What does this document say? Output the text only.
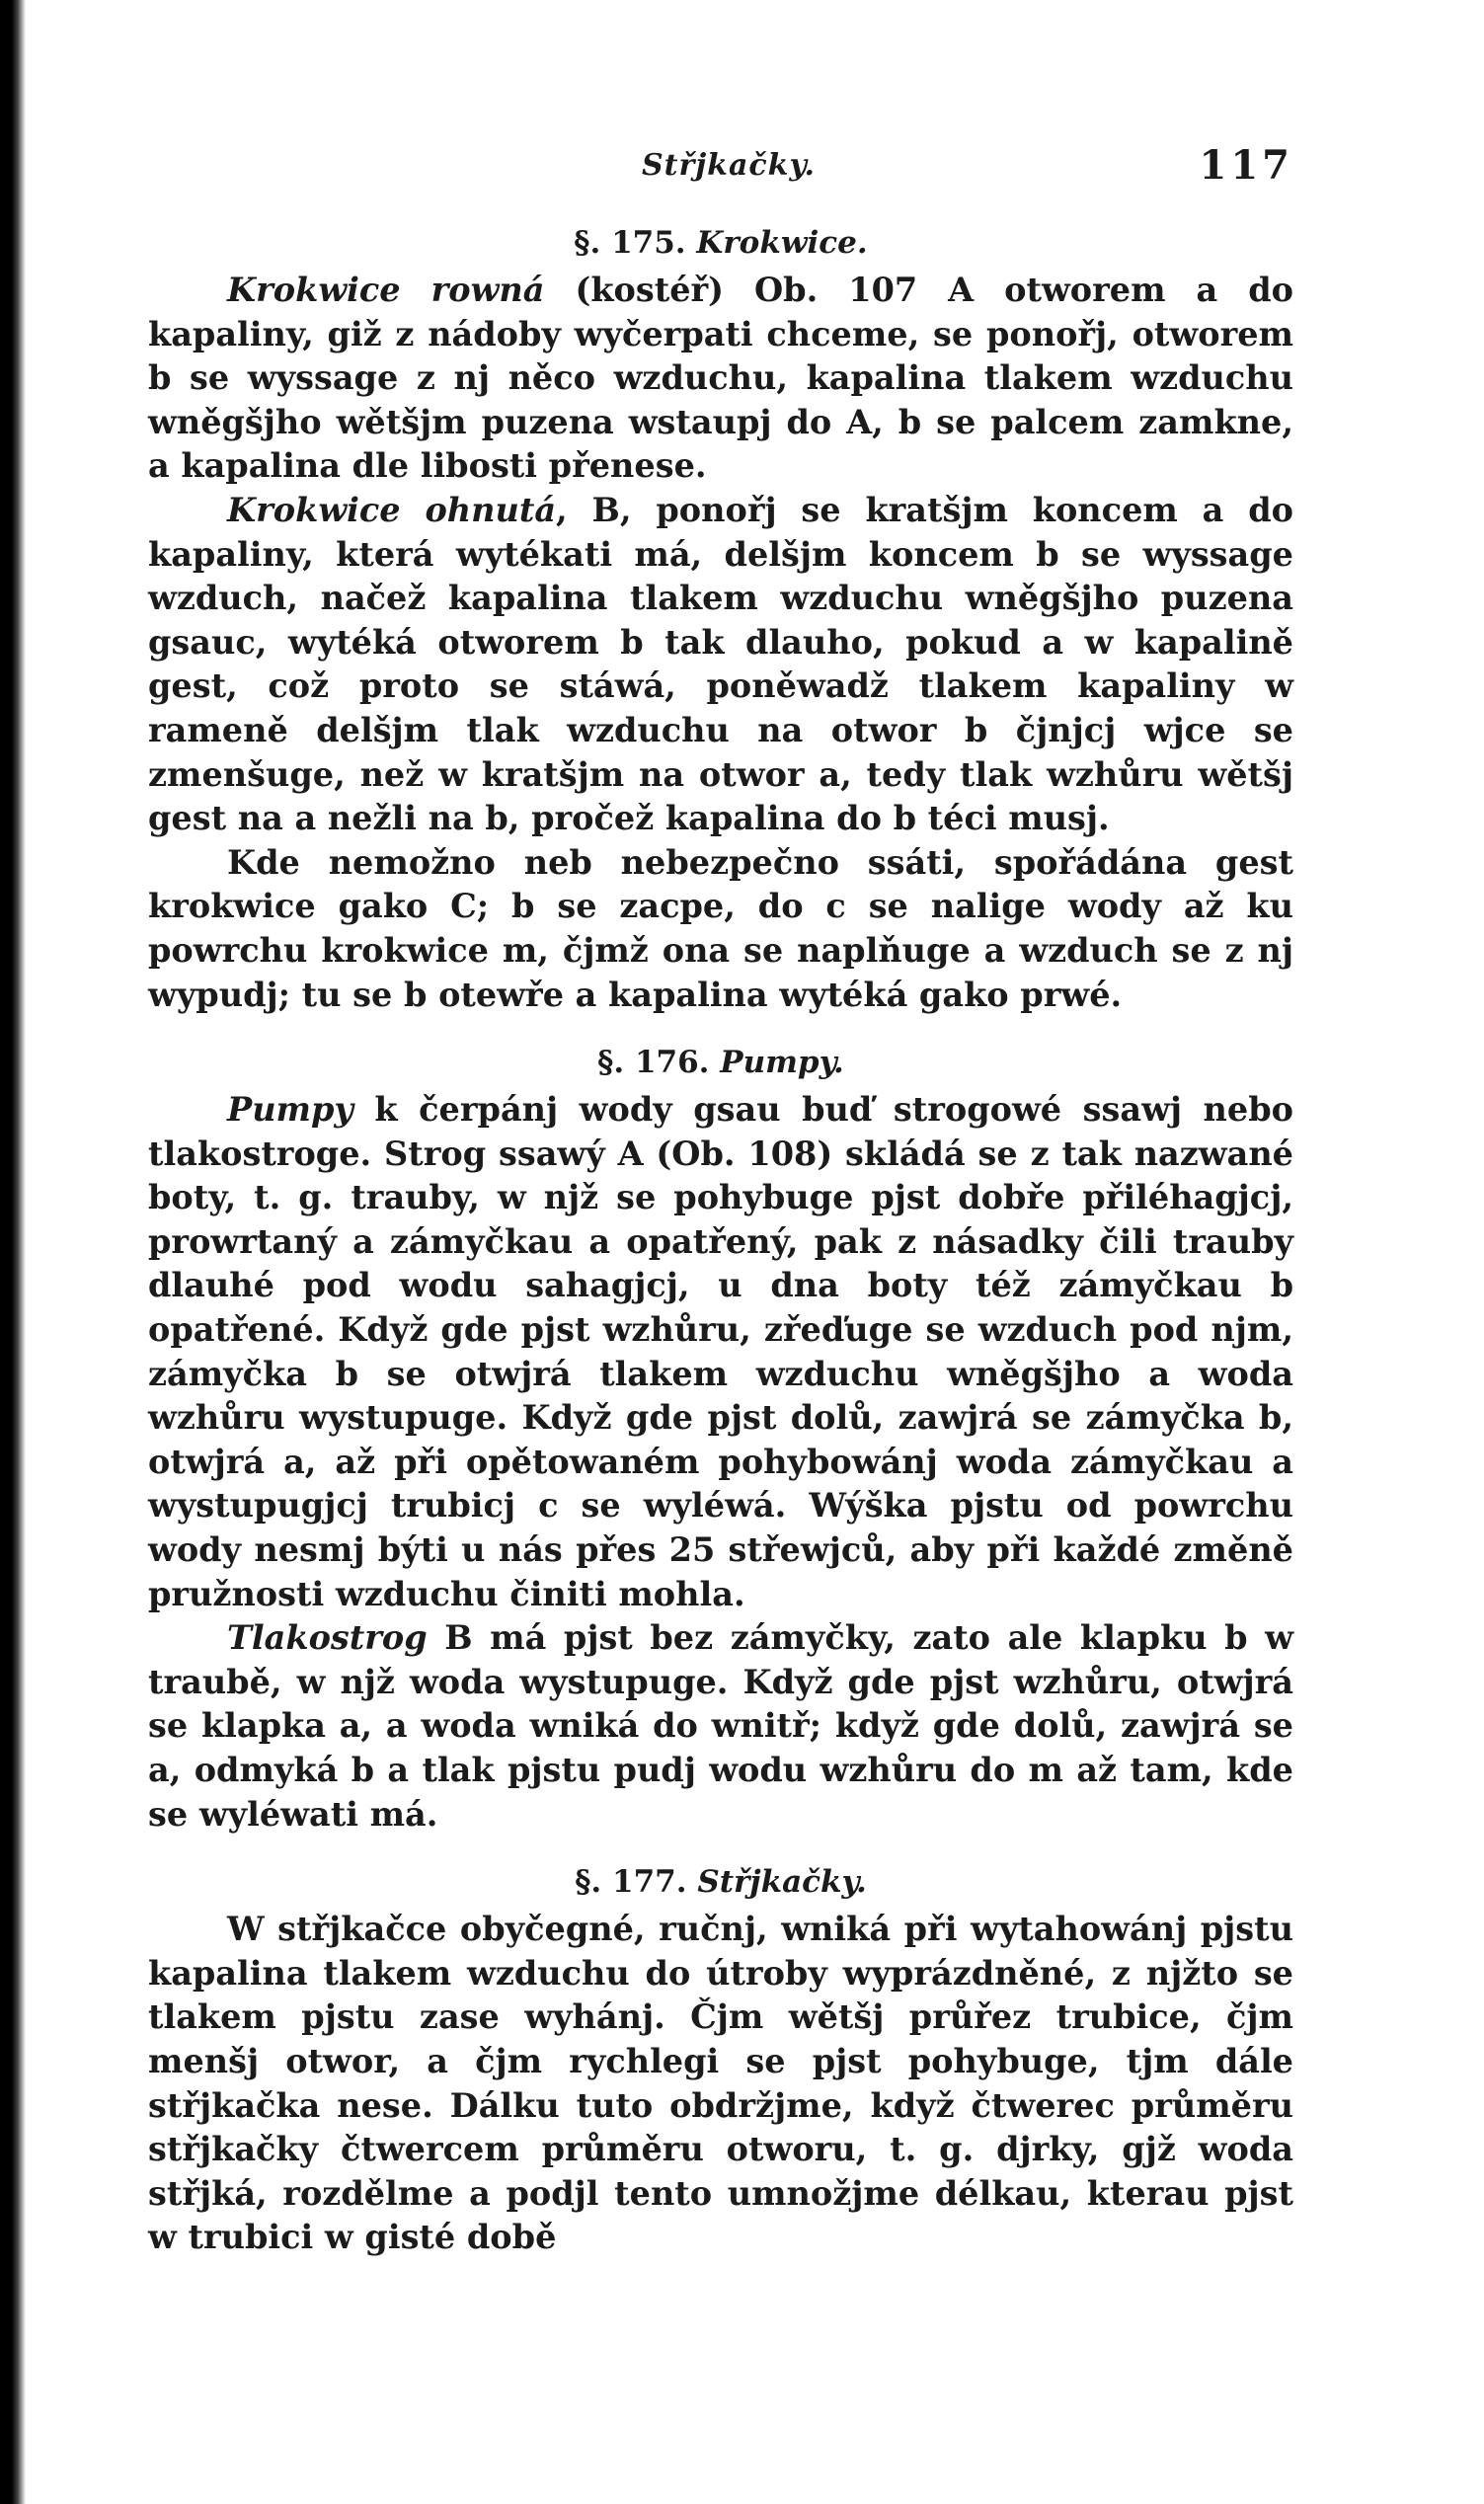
Střjkačky.	117
§. 175. Krokwice.

Krokwice rowná (kostéř) Ob. 107 A otworem a do kapaliny, giž z nádoby wyčerpati chceme, se ponořj, otworem b se wyssage z nj něco wzduchu, kapalina tlakem wzduchu wněgšjho wětšjm puzena wstaupj do A, b se palcem zamkne, a kapalina dle libosti přenese.

Krokwice ohnutá, B, ponořj se kratšjm koncem a do kapaliny, která wytékati má, delšjm koncem b se wyssage wzduch, načež kapalina tlakem wzduchu wněgšjho puzena gsauc, wytéká otworem b tak dlauho, pokud a w kapalině gest, což proto se stáwá, poněwadž tlakem kapaliny w rameně delšjm tlak wzduchu na otwor b čjnjcj wjce se zmenšuge, než w kratšjm na otwor a, tedy tlak wzhůru wětšj gest na a nežli na b, pročež kapalina do b téci musj.

Kde nemožno neb nebezpečno ssáti, spořádána gest krokwice gako C; b se zacpe, do c se nalige wody až ku powrchu krokwice m, čjmž ona se naplňuge a wzduch se z nj wypudj; tu se b otewře a kapalina wytéká gako prwé.

§. 176. Pumpy.

Pumpy k čerpánj wody gsau buď strogowé ssawj nebo tlakostroge. Strog ssawý A (Ob. 108) skládá se z tak nazwané boty, t. g. trauby, w njž se pohybuge pjst dobře přiléhagjcj, prowrtaný a zámyčkau a opatřený, pak z násadky čili trauby dlauhé pod wodu sahagjcj, u dna boty též zámyčkau b opatřené. Když gde pjst wzhůru, zřeďuge se wzduch pod njm, zámyčka b se otwjrá tlakem wzduchu wněgšjho a woda wzhůru wystupuge. Když gde pjst dolů, zawjrá se zámyčka b, otwjrá a, až při opětowaném pohybowánj woda zámyčkau a wystupugjcj trubicj c se wyléwá. Wýška pjstu od powrchu wody nesmj býti u nás přes 25 střewjců, aby při každé změně pružnosti wzduchu činiti mohla.

Tlakostrog B má pjst bez zámyčky, zato ale klapku b w traubě, w njž woda wystupuge. Když gde pjst wzhůru, otwjrá se klapka a, a woda wniká do wnitř; když gde dolů, zawjrá se a, odmyká b a tlak pjstu pudj wodu wzhůru do m až tam, kde se wyléwati má.

§. 177. Střjkačky.

W střjkačce obyčegné, ručnj, wniká při wytahowánj pjstu kapalina tlakem wzduchu do útroby wyprázdněné, z njžto se tlakem pjstu zase wyhánj. Čjm wětšj průřez trubice, čjm menšj otwor, a čjm rychlegi se pjst pohybuge, tjm dále střjkačka nese. Dálku tuto obdržjme, když čtwerec průměru střjkačky čtwercem průměru otworu, t. g. djrky, gjž woda střjká, rozdělme a podjl tento umnožjme délkau, kterau pjst w trubici w gisté době
